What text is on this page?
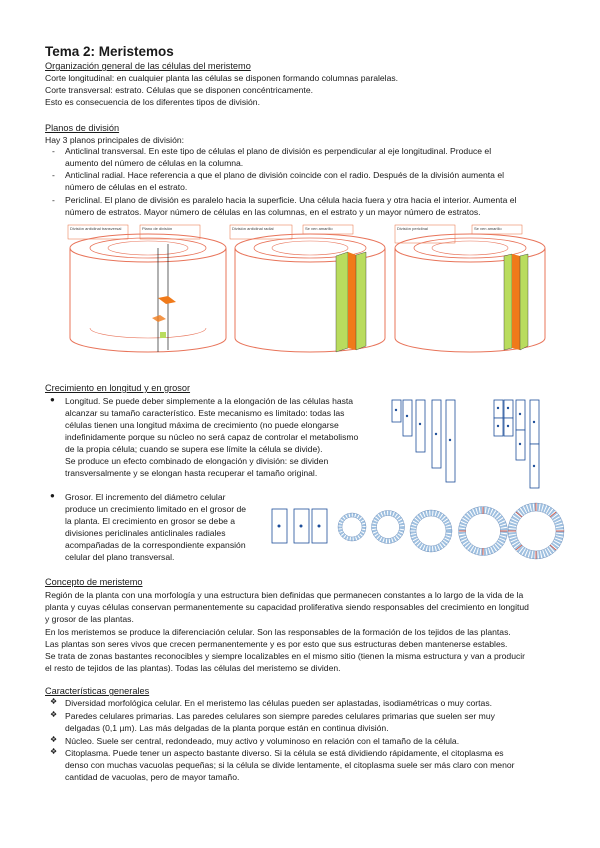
Tema 2: Meristemos
Organización general de las células del meristemo
Corte longitudinal: en cualquier planta las células se disponen formando columnas paralelas.
Corte transversal: estrato. Células que se disponen concéntricamente.
Esto es consecuencia de los diferentes tipos de división.
Planos de división
Hay 3 planos principales de división:
- Anticlinal transversal. En este tipo de células el plano de división es perpendicular al eje longitudinal. Produce el
aumento del número de células en la columna.
- Anticlinal radial. Hace referencia a que el plano de división coincide con el radio. Después de la división aumenta el
número de células en el estrato.
- Periclinal. El plano de división es paralelo hacia la superficie. Una célula hacia fuera y otra hacia el interior. Aumenta el
número de estratos. Mayor número de células en las columnas, en el estrato y un mayor número de estratos.
División anticlinal transversal	Plano de división	División anticlinal radial	Se ven amarillo	División periclinal	Se ven amarillo
Crecimiento en longitud y en grosor
● Longitud. Se puede deber simplemente a la elongación de las células hasta
alcanzar su tamaño característico. Este mecanismo es limitado: todas las
células tienen una longitud máxima de crecimiento (no puede elongarse
indefinidamente porque su núcleo no será capaz de controlar el metabolismo
de la propia célula; cuando se supera ese límite la célula se divide).
Se produce un efecto combinado de elongación y división: se dividen
transversalmente y se elongan hasta recuperar el tamaño original.
● Grosor. El incremento del diámetro celular
produce un crecimiento limitado en el grosor de
la planta. El crecimiento en grosor se debe a
divisiones periclinales anticlinales radiales
acompañadas de la correspondiente expansión
celular del plano transversal.
Concepto de meristemo
Región de la planta con una morfología y una estructura bien definidas que permanecen constantes a lo largo de la vida de la
planta y cuyas células conservan permanentemente su capacidad proliferativa siendo responsables del crecimiento en longitud
y grosor de las plantas.
En los meristemos se produce la diferenciación celular. Son las responsables de la formación de los tejidos de las plantas.
Las plantas son seres vivos que crecen permanentemente y es por esto que sus estructuras deben mantenerse estables.
Se trata de zonas bastantes reconocibles y siempre localizables en el mismo sitio (tienen la misma estructura y van a producir
el resto de tejidos de las plantas). Todas las células del meristemo se dividen.
Características generales
❖ Diversidad morfológica celular. En el meristemo las células pueden ser aplastadas, isodiamétricas o muy cortas.
❖ Paredes celulares primarias. Las paredes celulares son siempre paredes celulares primarias que suelen ser muy
delgadas (0,1 µm). Las más delgadas de la planta porque están en continua división.
❖ Núcleo. Suele ser central, redondeado, muy activo y voluminoso en relación con el tamaño de la célula.
❖ Citoplasma. Puede tener un aspecto bastante diverso. Si la célula se está dividiendo rápidamente, el citoplasma es
denso con muchas vacuolas pequeñas; si la célula se divide lentamente, el citoplasma suele ser más claro con menor
cantidad de vacuolas, pero de mayor tamaño.
